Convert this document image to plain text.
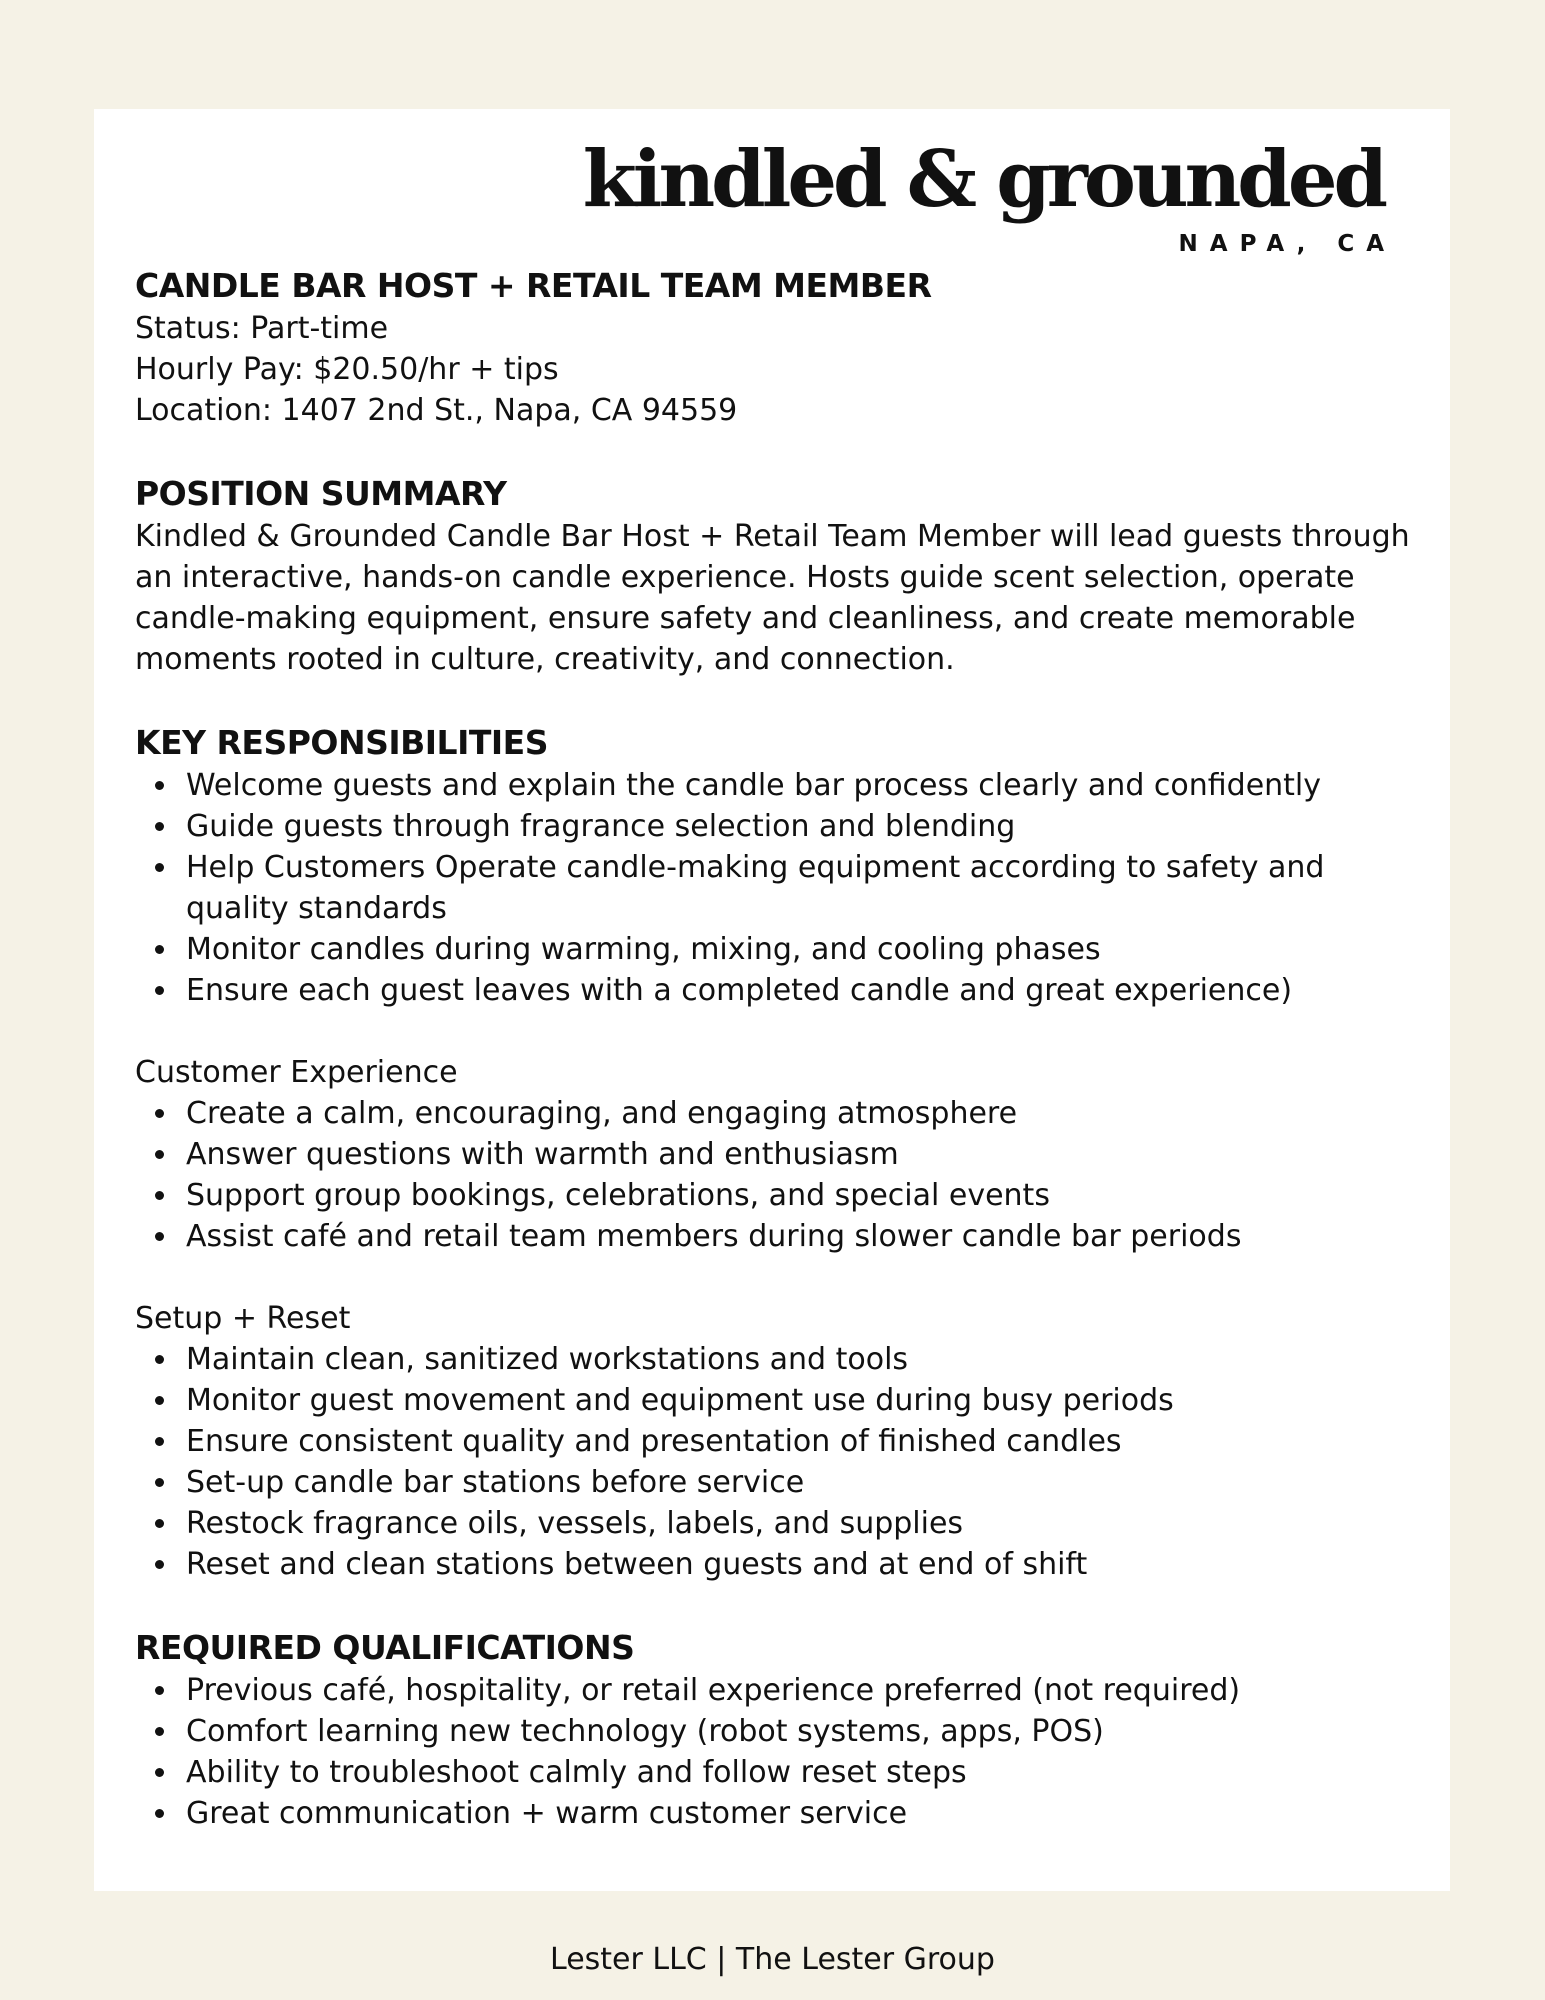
kindled & grounded
NAPA, CA
CANDLE BAR HOST + RETAIL TEAM MEMBER

Status: Part-time

Hourly Pay: $20.50/hr + tips

Location: 1407 2nd St., Napa, CA 94559

POSITION SUMMARY

Kindled & Grounded Candle Bar Host + Retail Team Member will lead guests through an interactive, hands-on candle experience. Hosts guide scent selection, operate candle-making equipment, ensure safety and cleanliness, and create memorable moments rooted in culture, creativity, and connection.

KEY RESPONSIBILITIES
Welcome guests and explain the candle bar process clearly and confidently
Guide guests through fragrance selection and blending
Help Customers Operate candle-making equipment according to safety and quality standards
Monitor candles during warming, mixing, and cooling phases
Ensure each guest leaves with a completed candle and great experience)

Customer Experience

Create a calm, encouraging, and engaging atmosphere
Answer questions with warmth and enthusiasm
Support group bookings, celebrations, and special events
Assist café and retail team members during slower candle bar periods

Setup + Reset

Maintain clean, sanitized workstations and tools
Monitor guest movement and equipment use during busy periods
Ensure consistent quality and presentation of finished candles
Set-up candle bar stations before service
Restock fragrance oils, vessels, labels, and supplies
Reset and clean stations between guests and at end of shift
REQUIRED QUALIFICATIONS
Previous café, hospitality, or retail experience preferred (not required)
Comfort learning new technology (robot systems, apps, POS)
Ability to troubleshoot calmly and follow reset steps
Great communication + warm customer service
Lester LLC | The Lester Group
